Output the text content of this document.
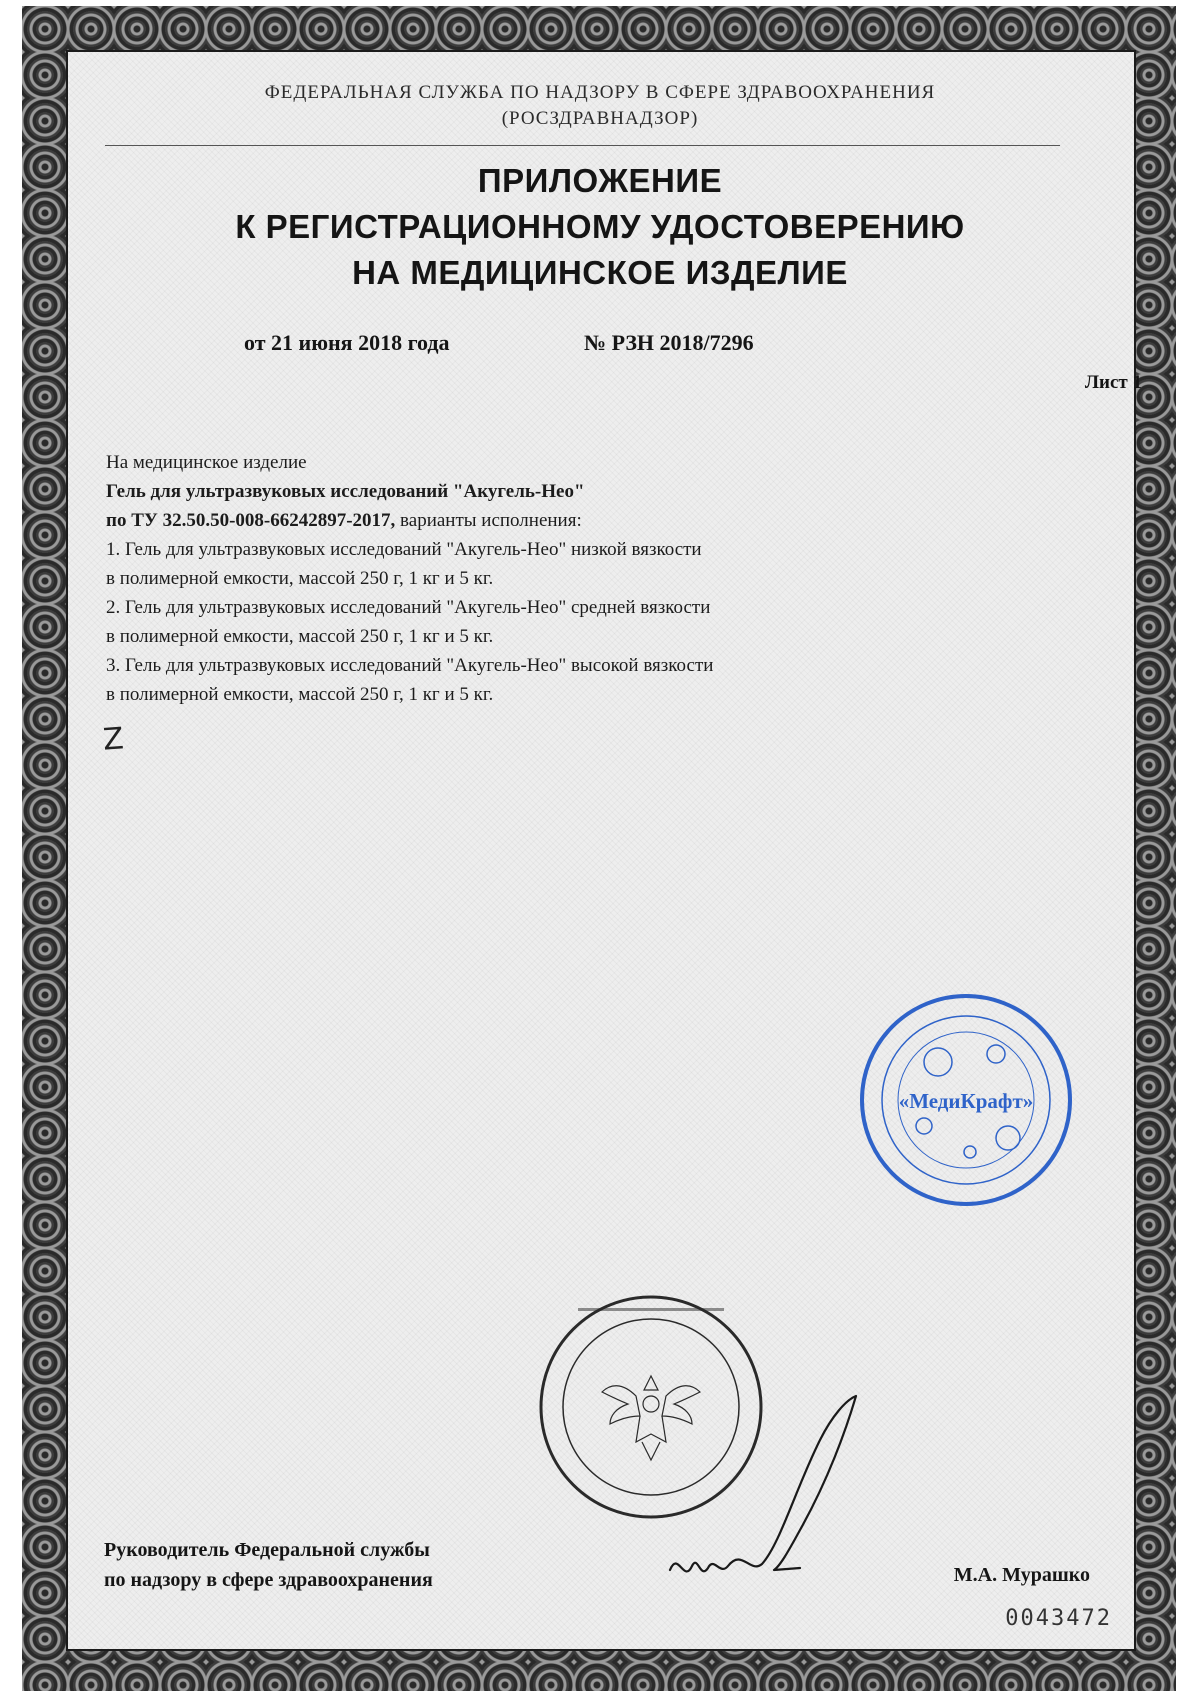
ФЕДЕРАЛЬНАЯ СЛУЖБА ПО НАДЗОРУ В СФЕРЕ ЗДРАВООХРАНЕНИЯ
(РОСЗДРАВНАДЗОР)
ПРИЛОЖЕНИЕ
К РЕГИСТРАЦИОННОМУ УДОСТОВЕРЕНИЮ
НА МЕДИЦИНСКОЕ ИЗДЕЛИЕ
от 21 июня 2018 года	№ РЗН 2018/7296
Лист 1
На медицинское изделие
Гель для ультразвуковых исследований "Акугель-Нео"
по ТУ 32.50.50-008-66242897-2017, варианты исполнения:
1. Гель для ультразвуковых исследований "Акугель-Нео" низкой вязкости
в полимерной емкости, массой 250 г, 1 кг и 5 кг.
2. Гель для ультразвуковых исследований "Акугель-Нео" средней вязкости
в полимерной емкости, массой 250 г, 1 кг и 5 кг.
3. Гель для ультразвуковых исследований "Акугель-Нео" высокой вязкости
в полимерной емкости, массой 250 г, 1 кг и 5 кг.
Z
«МедиКрафт»
Руководитель Федеральной службы
по надзору в сфере здравоохранения	М.А. Мурашко
0043472
